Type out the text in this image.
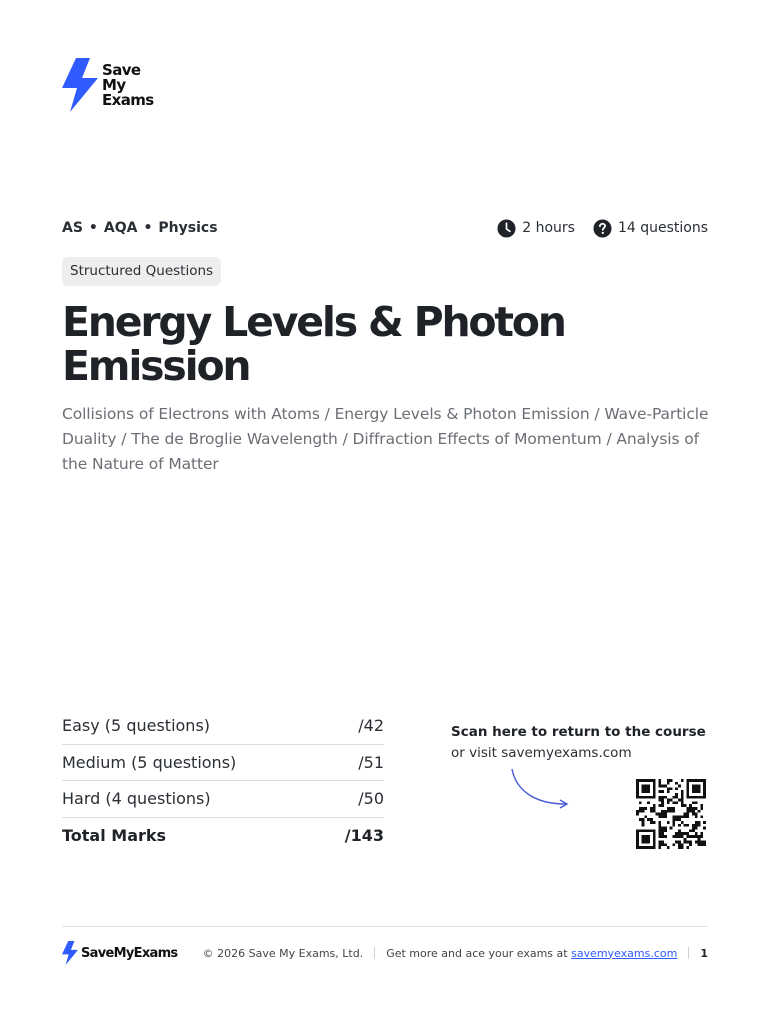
Save
My
Exams
AS • AQA • Physics	2 hours	14 questions
Structured Questions
Energy Levels & Photon Emission

Collisions of Electrons with Atoms / Energy Levels & Photon Emission / Wave-Particle Duality / The de Broglie Wavelength / Diffraction Effects of Momentum / Analysis of the Nature of Matter

Easy (5 questions)	/42
Medium (5 questions)	/51
Hard (4 questions)	/50
Total Marks	/143
Scan here to return to the course
or visit savemyexams.com
SaveMyExams © 2026 Save My Exams, Ltd. Get more and ace your exams at savemyexams.com 1
